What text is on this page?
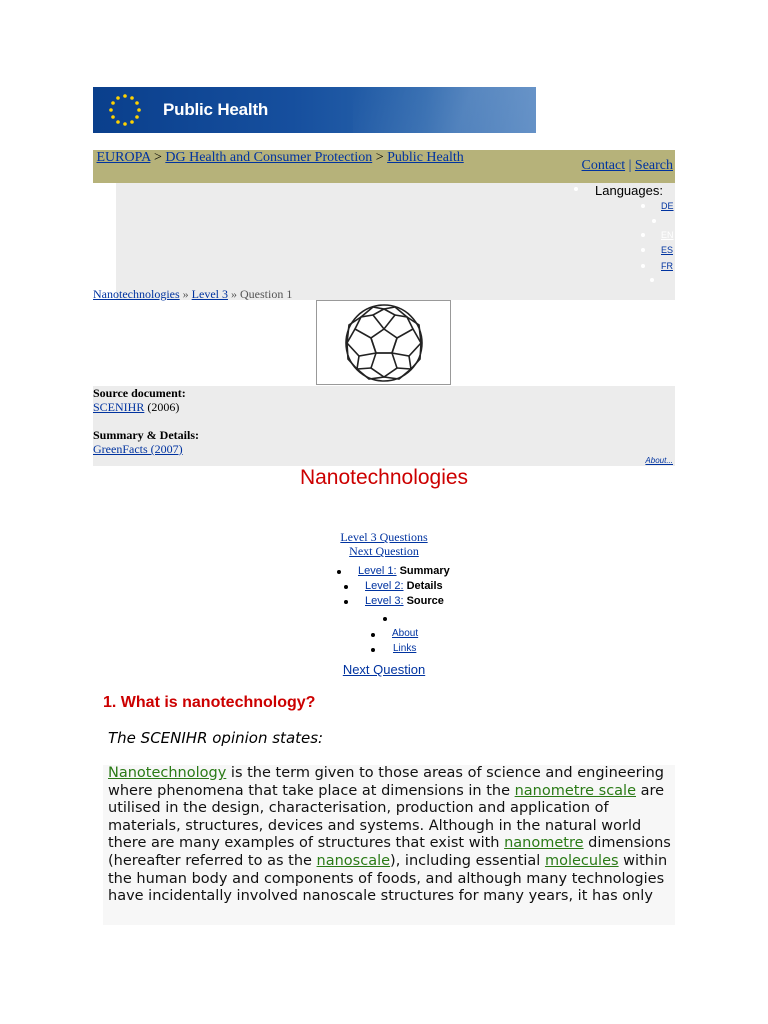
Public Health
EUROPA > DG Health and Consumer Protection > Public Health
Contact | Search
Languages:
DE
EN
ES
FR
Nanotechnologies » Level 3 » Question 1
Source document:
SCENIHR (2006)
Summary & Details:
GreenFacts (2007)
About...
Nanotechnologies
Level 3 Questions
Next Question
Level 1: Summary
Level 2: Details
Level 3: Source
About
Links
Next Question
1. What is nanotechnology?
The SCENIHR opinion states:

Nanotechnology is the term given to those areas of science and engineering where phenomena that take place at dimensions in the nanometre scale are utilised in the design, characterisation, production and application of materials, structures, devices and systems. Although in the natural world there are many examples of structures that exist with nanometre dimensions (hereafter referred to as the nanoscale), including essential molecules within the human body and components of foods, and although many technologies have incidentally involved nanoscale structures for many years, it has only
